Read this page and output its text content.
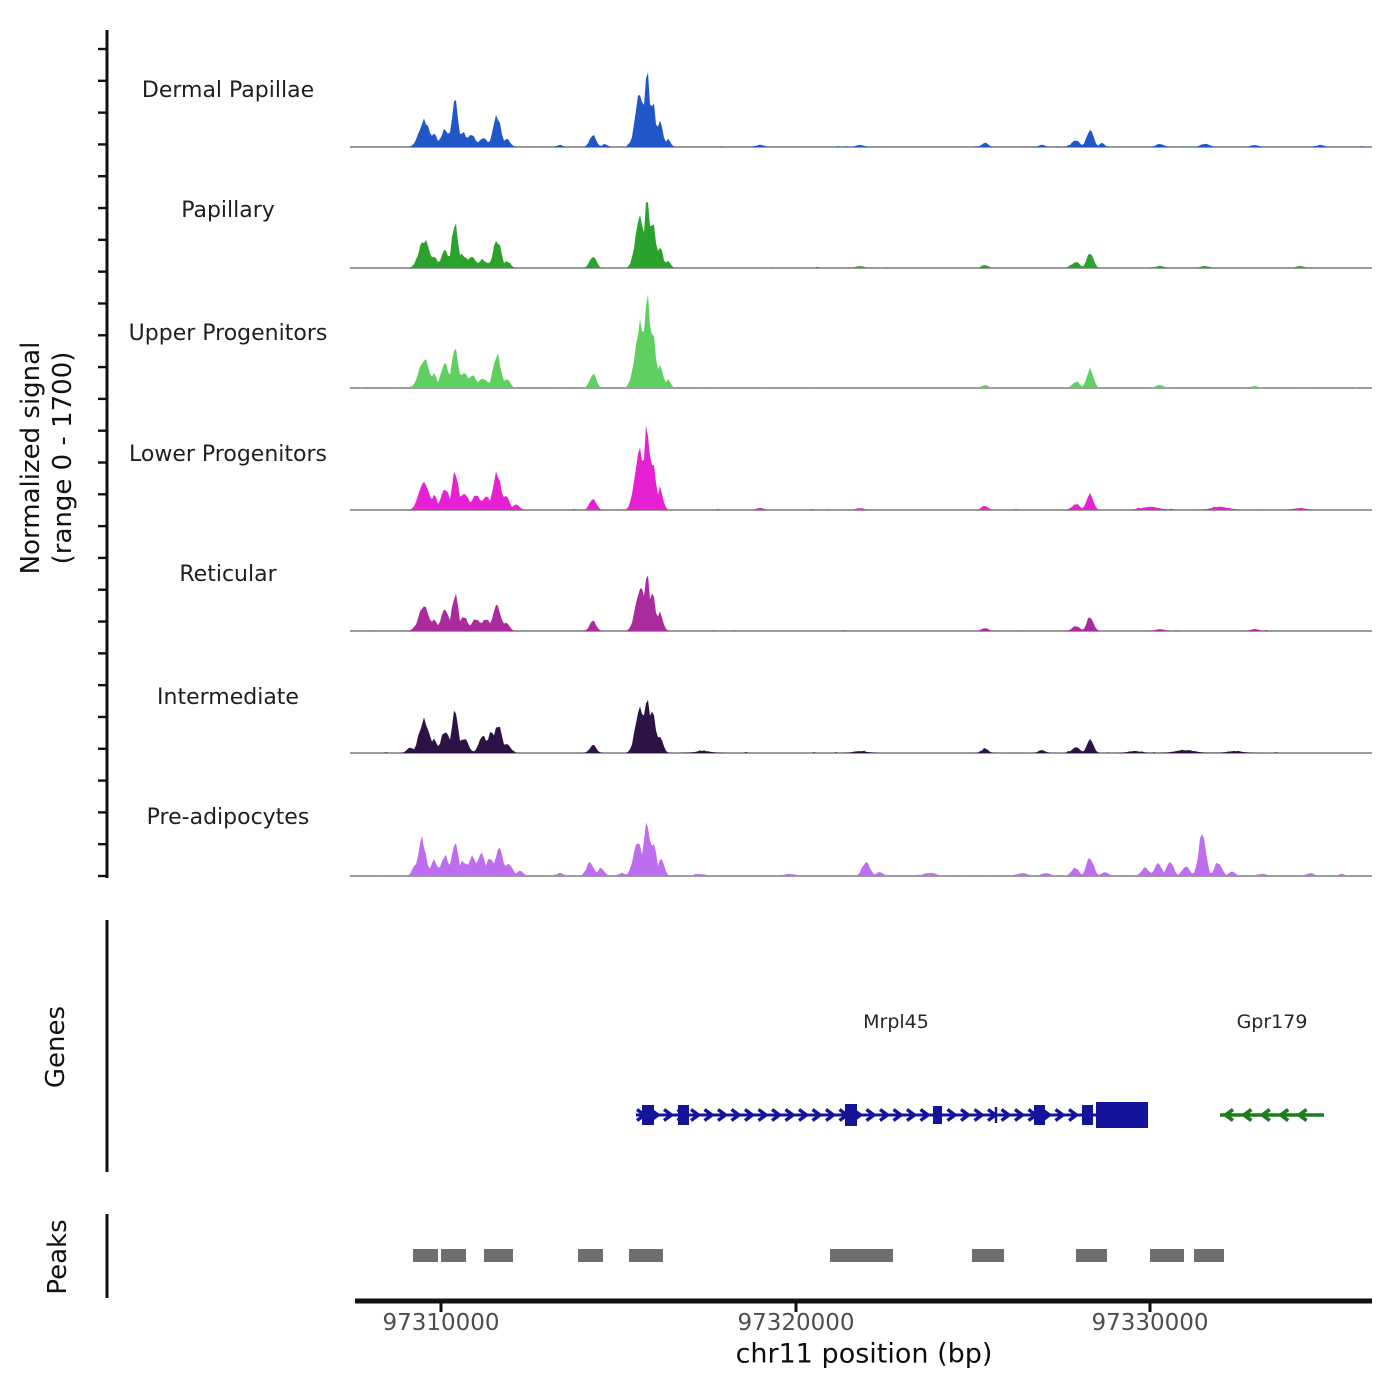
Normalized signal (range 0 - 1700)
Genes
Peaks
Mrpl45	Gpr179
chr11 position (bp)
Dermal Papillae
Papillary
Upper Progenitors
Lower Progenitors
Reticular
Intermediate
Pre-adipocytes
97310000	97320000	97330000
